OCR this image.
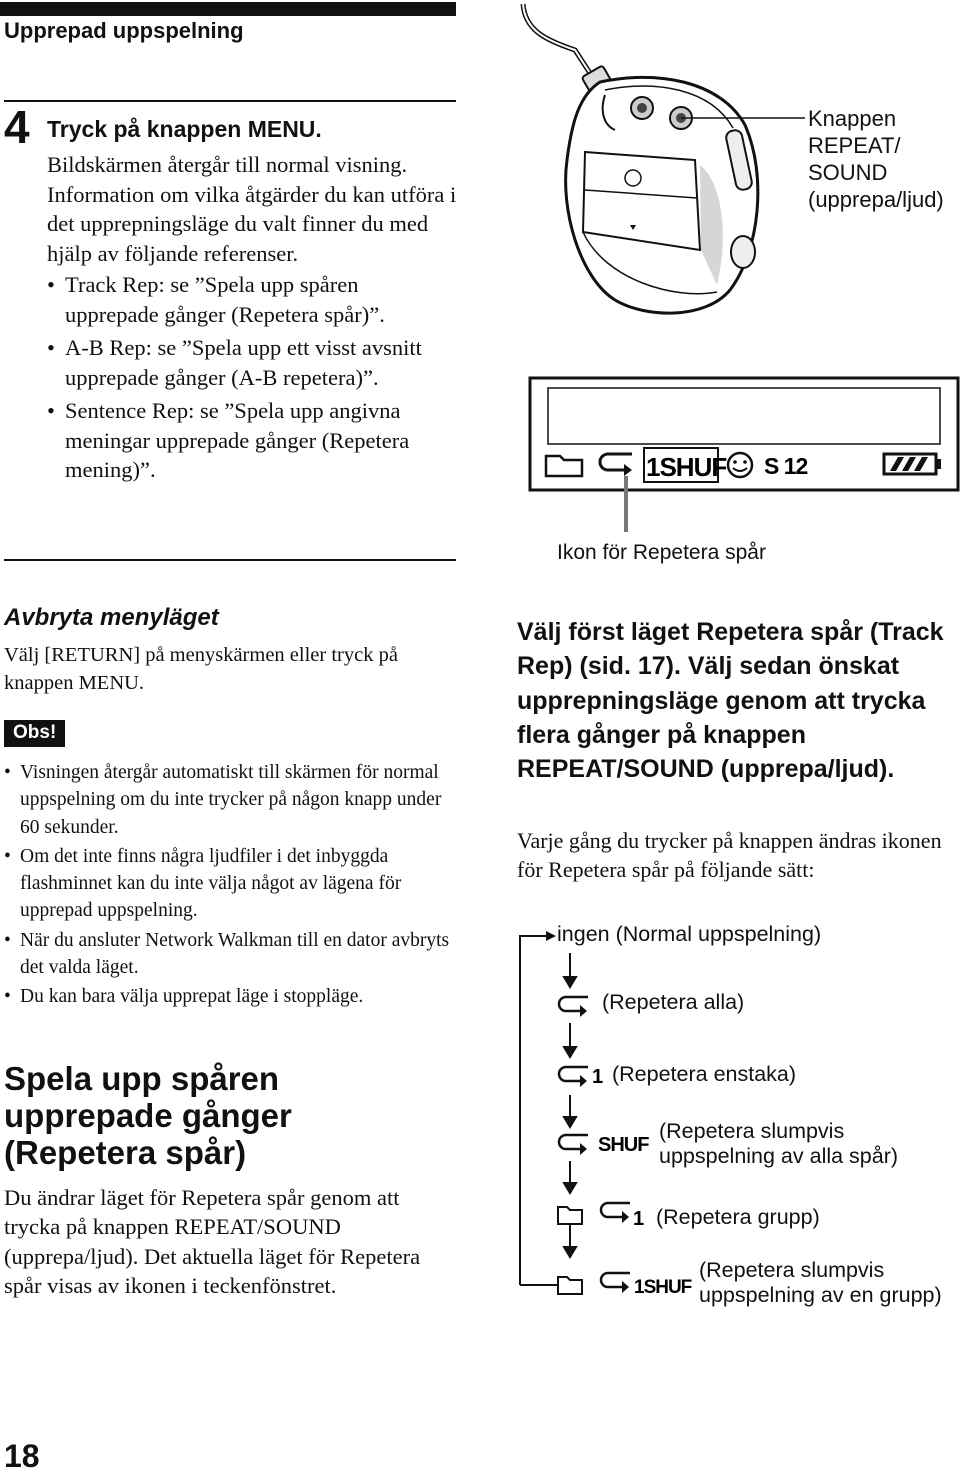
Upprepad uppspelning
4 Tryck på knappen MENU.

Bildskärmen återgår till normal visning.

Information om vilka åtgärder du kan utföra i det upprepningsläge du valt finner du med hjälp av följande referenser.

• Track Rep: se ”Spela upp spåren upprepade gånger (Repetera spår)”.
• A-B Rep: se ”Spela upp ett visst avsnitt upprepade gånger (A-B repetera)”.
• Sentence Rep: se ”Spela upp angivna meningar upprepade gånger (Repetera mening)”.
Avbryta menyläget
Välj [RETURN] på menyskärmen eller tryck på knappen MENU.
Obs!
• Visningen återgår automatiskt till skärmen för normal uppspelning om du inte trycker på någon knapp under 60 sekunder.
• Om det inte finns några ljudfiler i det inbyggda flashminnet kan du inte välja något av lägena för upprepad uppspelning.
• När du ansluter Network Walkman till en dator avbryts det valda läget.
• Du kan bara välja upprepat läge i stoppläge.
Spela upp spåren upprepade gånger (Repetera spår)
Du ändrar läget för Repetera spår genom att trycka på knappen REPEAT/SOUND (upprepa/ljud). Det aktuella läget för Repetera spår visas av ikonen i teckenfönstret.
18
Knappen
REPEAT/
SOUND
(upprepa/ljud)
1SHUF S 12
Ikon för Repetera spår
Välj först läget Repetera spår (Track Rep) (sid. 17). Välj sedan önskat upprepningsläge genom att trycka flera gånger på knappen REPEAT/SOUND (upprepa/ljud).
Varje gång du trycker på knappen ändras ikonen för Repetera spår på följande sätt:
1
SHUF
1
1SHUF
ingen (Normal uppspelning)
(Repetera alla)
(Repetera enstaka)
(Repetera slumpvis uppspelning av alla spår)
(Repetera grupp)
(Repetera slumpvis uppspelning av en grupp)
